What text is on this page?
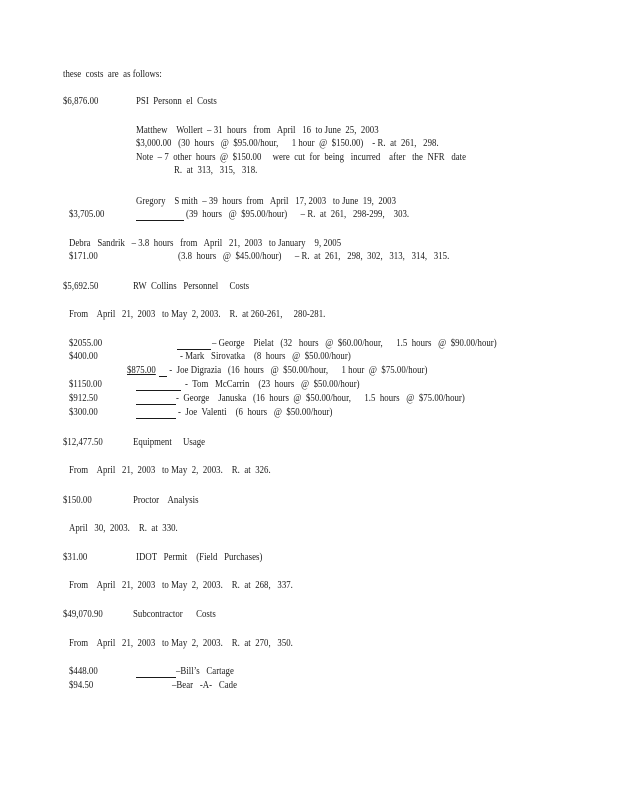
these  costs  are  as follows:
$6,876.00	PSI  Personn  el  Costs
Matthew    Wollert  – 31  hours   from   April   16  to June  25,  2003
$3,000.00   (30  hours   @  $95.00/hour,      1 hour  @  $150.00)    - R.  at  261,   298.
Note  – 7  other  hours  @  $150.00     were  cut  for  being   incurred    after   the  NFR   date
R.  at  313,   315,   318.
Gregory    S mith  – 39  hours  from   April   17, 2003   to June  19,  2003
$3,705.00	(39  hours   @  $95.00/hour)      – R.  at  261,   298-299,    303.
Debra   Sandrik   – 3.8  hours   from   April   21,  2003   to January    9, 2005
$171.00	(3.8  hours   @  $45.00/hour)      – R.  at  261,   298,  302,   313,   314,   315.
$5,692.50	RW  Collins   Personnel     Costs
From    April   21,  2003   to May  2, 2003.    R.  at 260-261,     280-281.
$2055.00	– George    Pielat   (32   hours   @  $60.00/hour,      1.5  hours   @  $90.00/hour)
$400.00	- Mark   Sirovatka    (8  hours   @  $50.00/hour)
$875.00 -  Joe Digrazia   (16  hours   @  $50.00/hour,      1 hour  @  $75.00/hour)
$1150.00	-  Tom   McCarrin    (23  hours   @  $50.00/hour)
$912.50	-  George    Januska   (16  hours  @  $50.00/hour,      1.5  hours   @  $75.00/hour)
$300.00	-  Joe  Valenti    (6  hours   @  $50.00/hour)
$12,477.50	Equipment     Usage
From    April   21,  2003   to May  2,  2003.    R.  at  326.
$150.00	Proctor    Analysis
April   30,  2003.    R.  at  330.
$31.00	IDOT   Permit    (Field   Purchases)
From    April   21,  2003   to May  2,  2003.    R.  at  268,   337.
$49,070.90	Subcontractor      Costs
From    April   21,  2003   to May  2,  2003.    R.  at  270,   350.
$448.00	–Bill’s   Cartage
$94.50	–Bear   -A-   Cade
